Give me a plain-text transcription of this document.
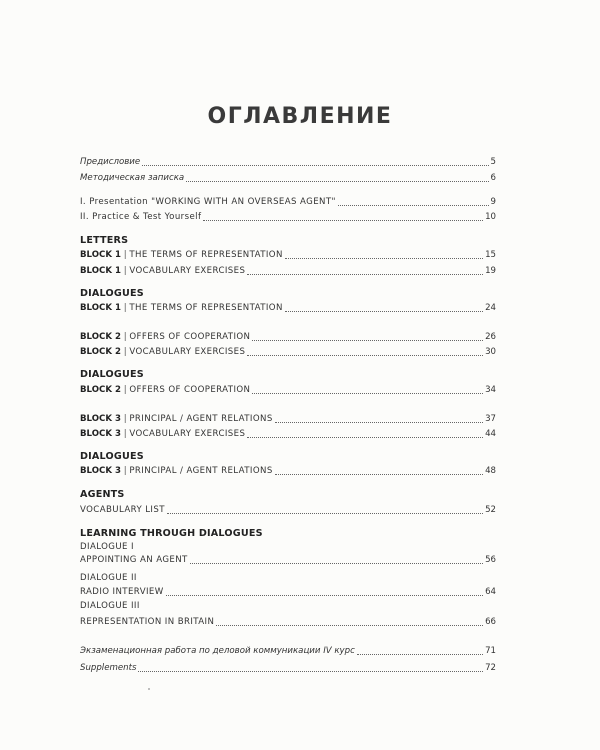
ОГЛАВЛЕНИЕ
Предисловие	5
Методическая записка	6
I. Presentation "WORKING WITH AN OVERSEAS AGENT"	9
II. Practice & Test Yourself	10
LETTERS
BLOCK 1 | THE TERMS OF REPRESENTATION	15
BLOCK 1 | VOCABULARY EXERCISES	19
DIALOGUES
BLOCK 1 | THE TERMS OF REPRESENTATION	24
BLOCK 2 | OFFERS OF COOPERATION	26
BLOCK 2 | VOCABULARY EXERCISES	30
DIALOGUES
BLOCK 2 | OFFERS OF COOPERATION	34
BLOCK 3 | PRINCIPAL / AGENT RELATIONS	37
BLOCK 3 | VOCABULARY EXERCISES	44
DIALOGUES
BLOCK 3 | PRINCIPAL / AGENT RELATIONS	48
AGENTS
VOCABULARY LIST	52
LEARNING THROUGH DIALOGUES
DIALOGUE I
APPOINTING AN AGENT	56
DIALOGUE II
RADIO INTERVIEW	64
DIALOGUE III
REPRESENTATION IN BRITAIN	66
Экзаменационная работа по деловой коммуникации IV курс	71
Supplements	72
